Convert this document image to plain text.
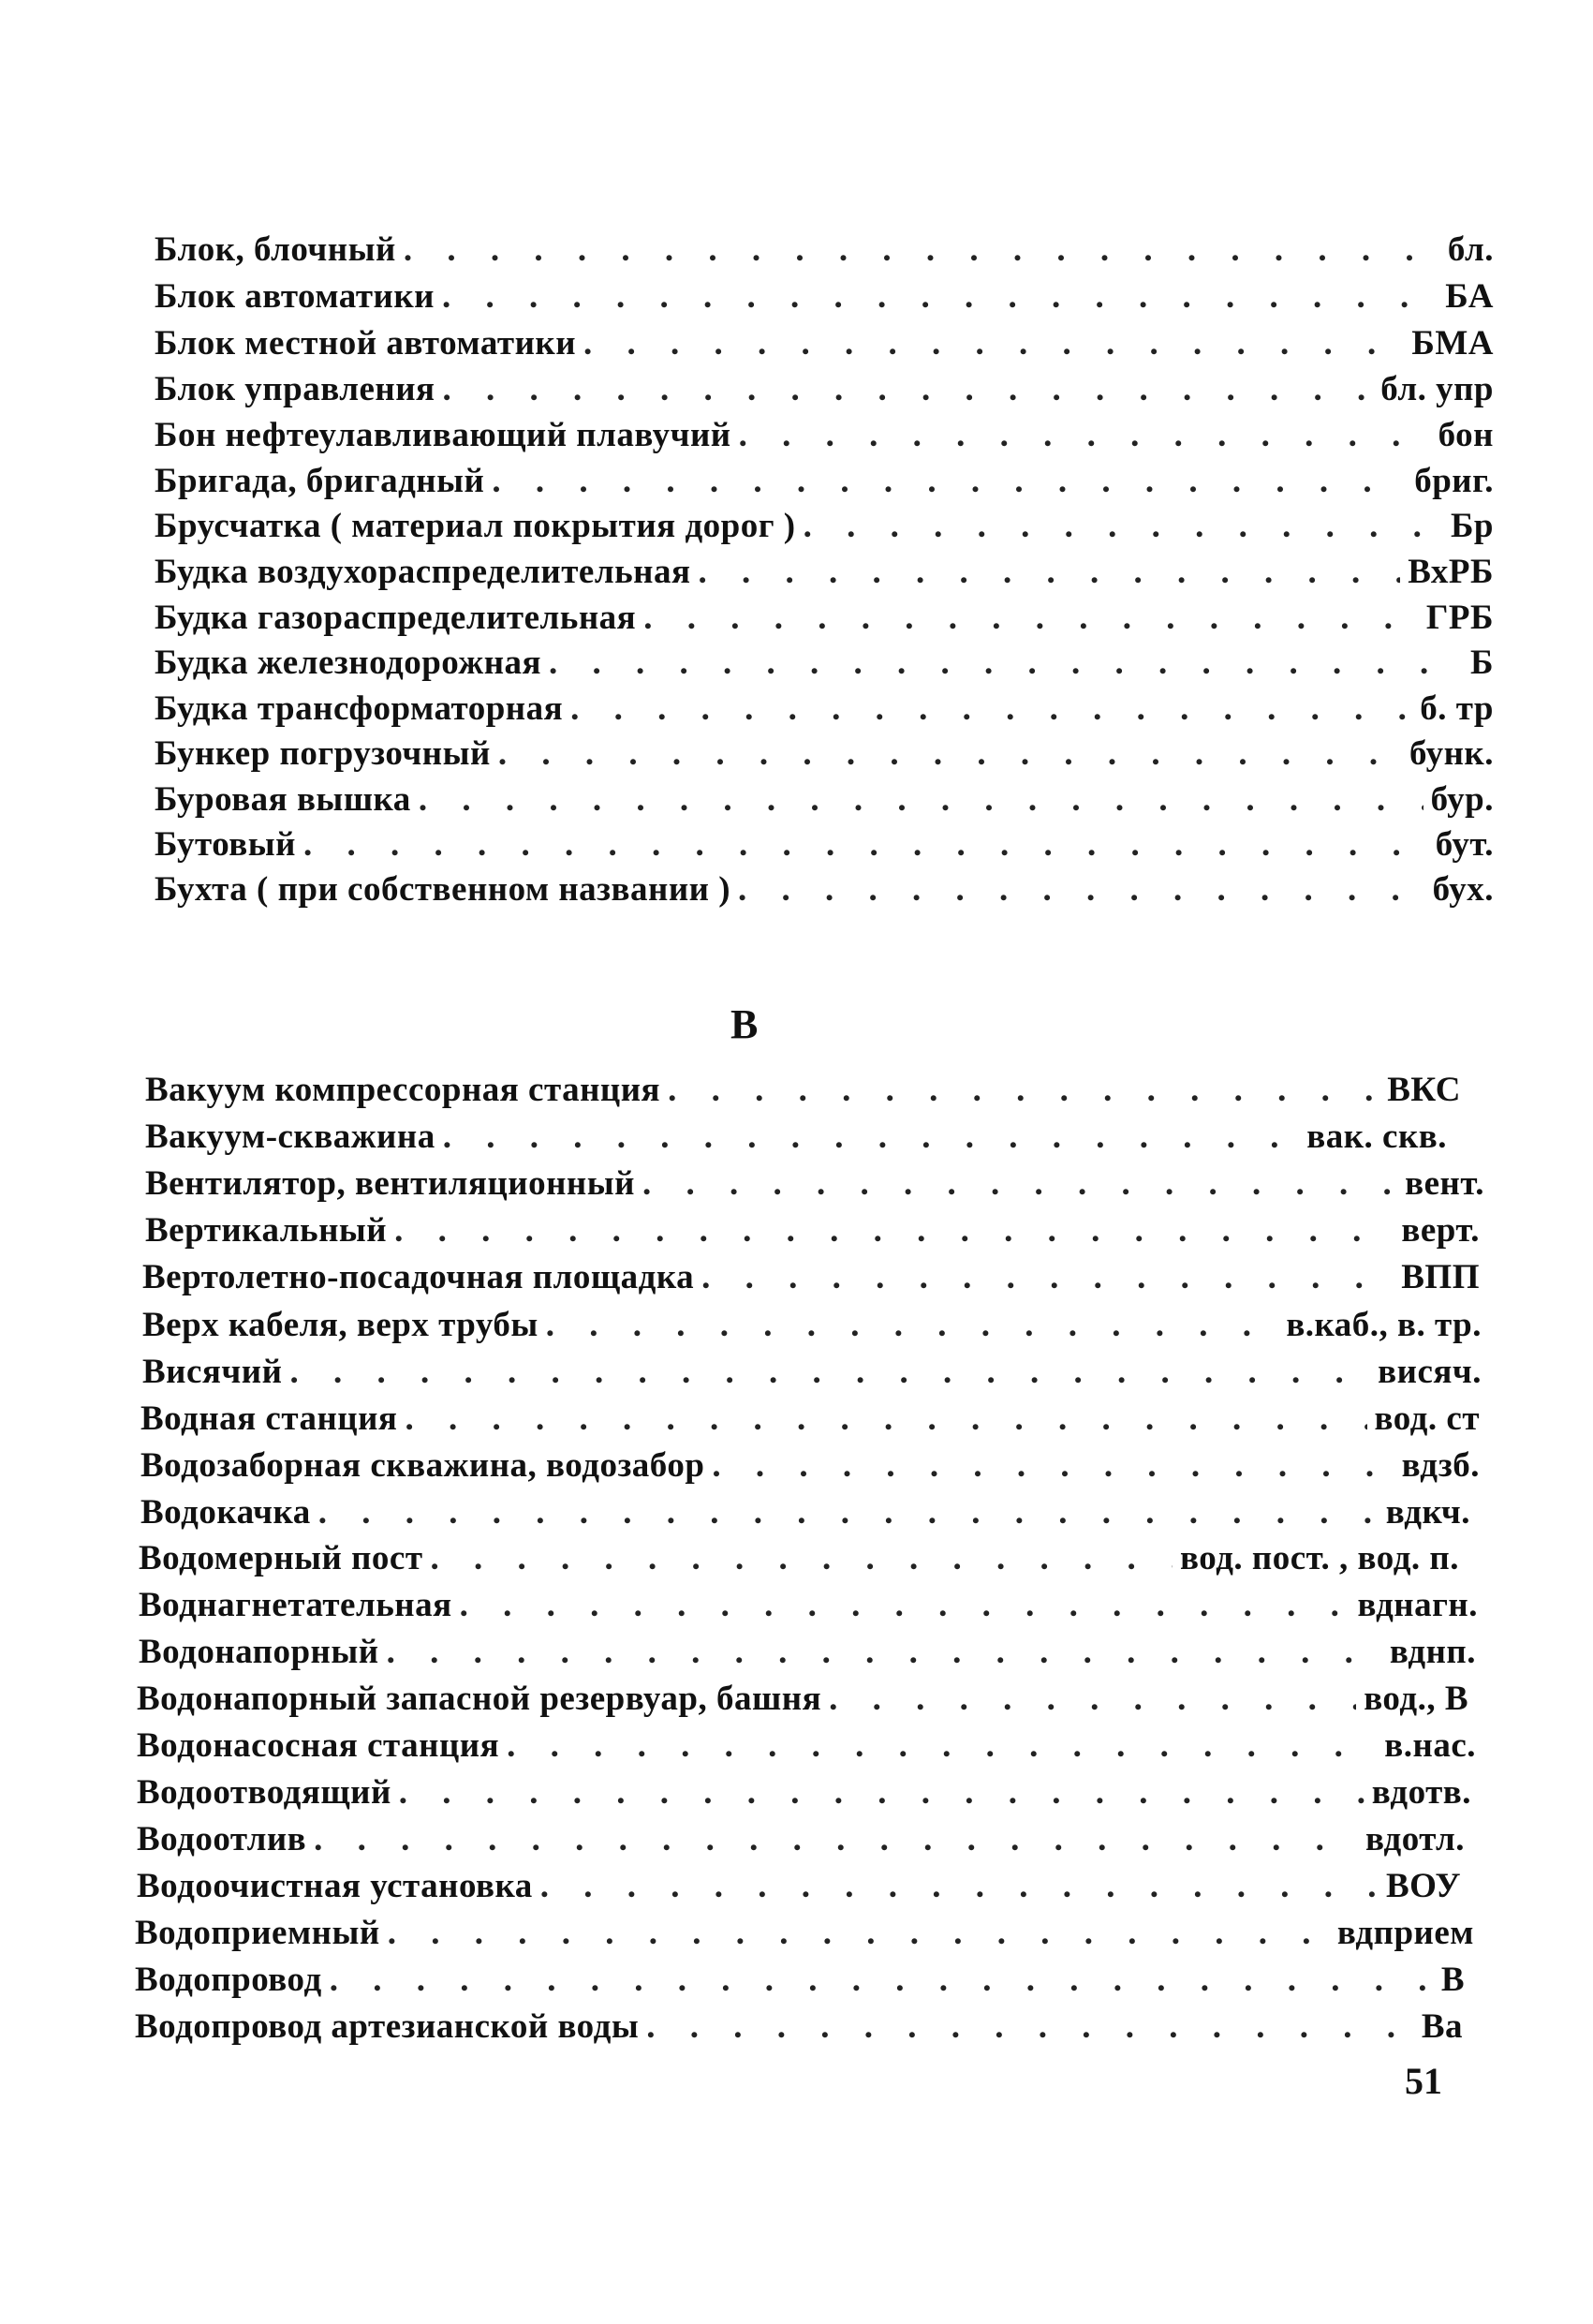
Блок, блочный . . .	бл.
Блок автоматики . . .	БА
Блок местной автоматики . . .	БМА
Блок управления . . .	бл. упр
Бон нефтеулавливающий плавучий . . .	бон
Бригада, бригадный . . .	бриг.
Брусчатка ( материал покрытия дорог ) . . .	Бр
Будка воздухораспределительная . . .	ВхРБ
Будка газораспределительная . . .	ГРБ
Будка железнодорожная . . .	Б
Будка трансформаторная . . .	б. тр
Бункер погрузочный . . .	бунк.
Буровая вышка . . .	бур.
Бутовый . . .	бут.
Бухта ( при собственном названии ) . . .	бух.
В
Вакуум компрессорная станция . . .	ВКС
Вакуум-скважина . . .	вак. скв.
Вентилятор, вентиляционный . . .	вент.
Вертикальный . . .	верт.
Вертолетно-посадочная площадка . . .	ВПП
Верх кабеля, верх трубы . . .	в.каб., в. тр.
Висячий . . .	висяч.
Водная станция . . .	вод. ст
Водозаборная скважина, водозабор . . .	вдзб.
Водокачка . . .	вдкч.
Водомерный пост . . .	вод. пост. , вод. п.
Воднагнетательная . . .	вднагн.
Водонапорный . . .	вднп.
Водонапорный запасной резервуар, башня . . .	вод., В
Водонасосная станция . . .	в.нас.
Водоотводящий . . .	вдотв.
Водоотлив . . .	вдотл.
Водоочистная установка . . .	ВОУ
Водоприемный . . .	вдприем
Водопровод . . .	В
Водопровод артезианской воды . . .	Ва
51
